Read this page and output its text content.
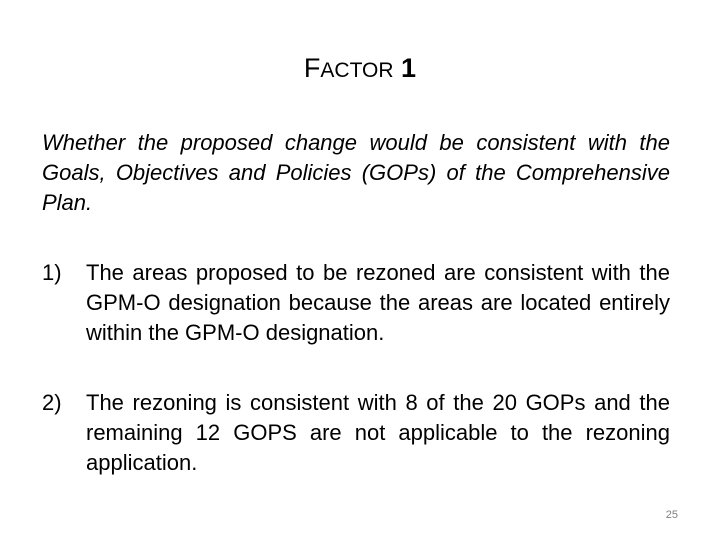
FACTOR 1
Whether the proposed change would be consistent with the Goals, Objectives and Policies (GOPs) of the Comprehensive Plan.
1)	The areas proposed to be rezoned are consistent with the GPM-O designation because the areas are located entirely within the GPM-O designation.
2)	The rezoning is consistent with 8 of the 20 GOPs and the remaining 12 GOPS are not applicable to the rezoning application.
25
